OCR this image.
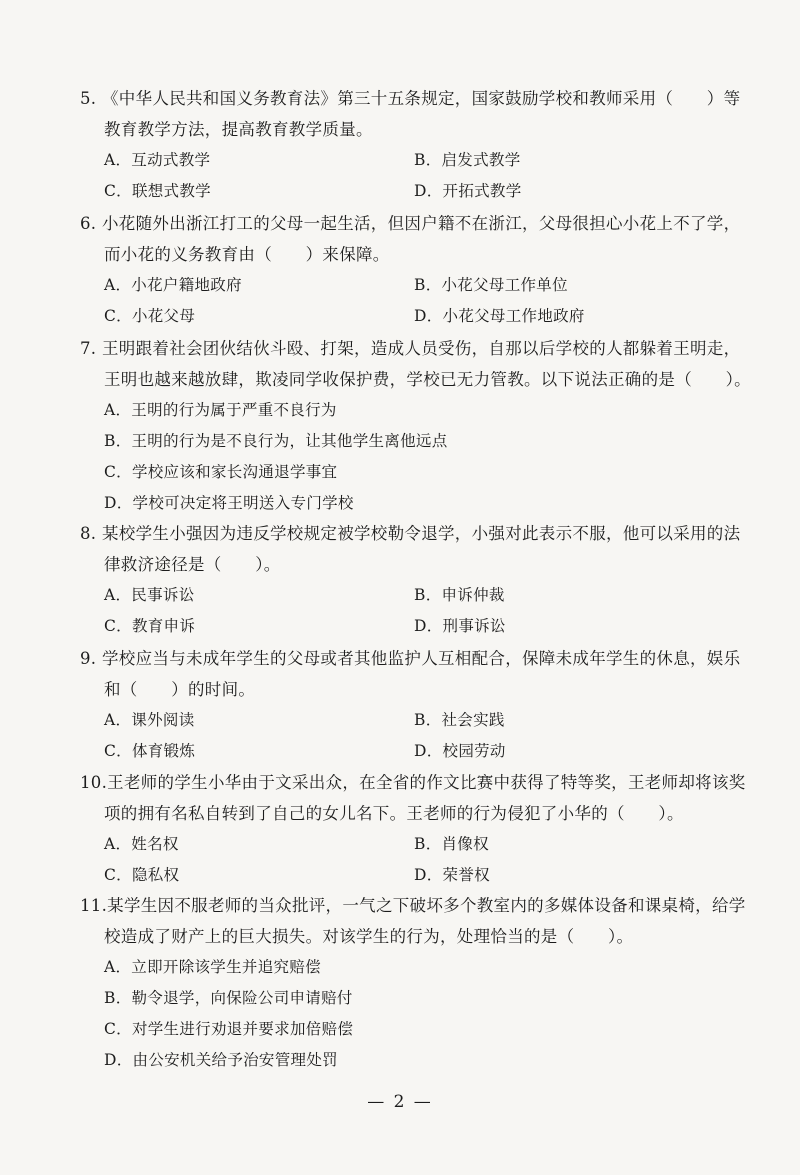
5. 《中华人民共和国义务教育法》第三十五条规定，国家鼓励学校和教师采用（　　）等
教育教学方法，提高教育教学质量。
A．互动式教学	B．启发式教学
C．联想式教学	D．开拓式教学
6. 小花随外出浙江打工的父母一起生活，但因户籍不在浙江，父母很担心小花上不了学，
而小花的义务教育由（　　）来保障。
A．小花户籍地政府	B．小花父母工作单位
C．小花父母	D．小花父母工作地政府
7. 王明跟着社会团伙结伙斗殴、打架，造成人员受伤，自那以后学校的人都躲着王明走，
王明也越来越放肆，欺凌同学收保护费，学校已无力管教。以下说法正确的是（　　）。
A．王明的行为属于严重不良行为
B．王明的行为是不良行为，让其他学生离他远点
C．学校应该和家长沟通退学事宜
D．学校可决定将王明送入专门学校
8. 某校学生小强因为违反学校规定被学校勒令退学，小强对此表示不服，他可以采用的法
律救济途径是（　　）。
A．民事诉讼	B．申诉仲裁
C．教育申诉	D．刑事诉讼
9. 学校应当与未成年学生的父母或者其他监护人互相配合，保障未成年学生的休息，娱乐
和（　　）的时间。
A．课外阅读	B．社会实践
C．体育锻炼	D．校园劳动
10.王老师的学生小华由于文采出众，在全省的作文比赛中获得了特等奖，王老师却将该奖
项的拥有名私自转到了自己的女儿名下。王老师的行为侵犯了小华的（　　）。
A．姓名权	B．肖像权
C．隐私权	D．荣誉权
11.某学生因不服老师的当众批评，一气之下破坏多个教室内的多媒体设备和课桌椅，给学
校造成了财产上的巨大损失。对该学生的行为，处理恰当的是（　　）。
A．立即开除该学生并追究赔偿
B．勒令退学，向保险公司申请赔付
C．对学生进行劝退并要求加倍赔偿
D．由公安机关给予治安管理处罚
— 2 —
